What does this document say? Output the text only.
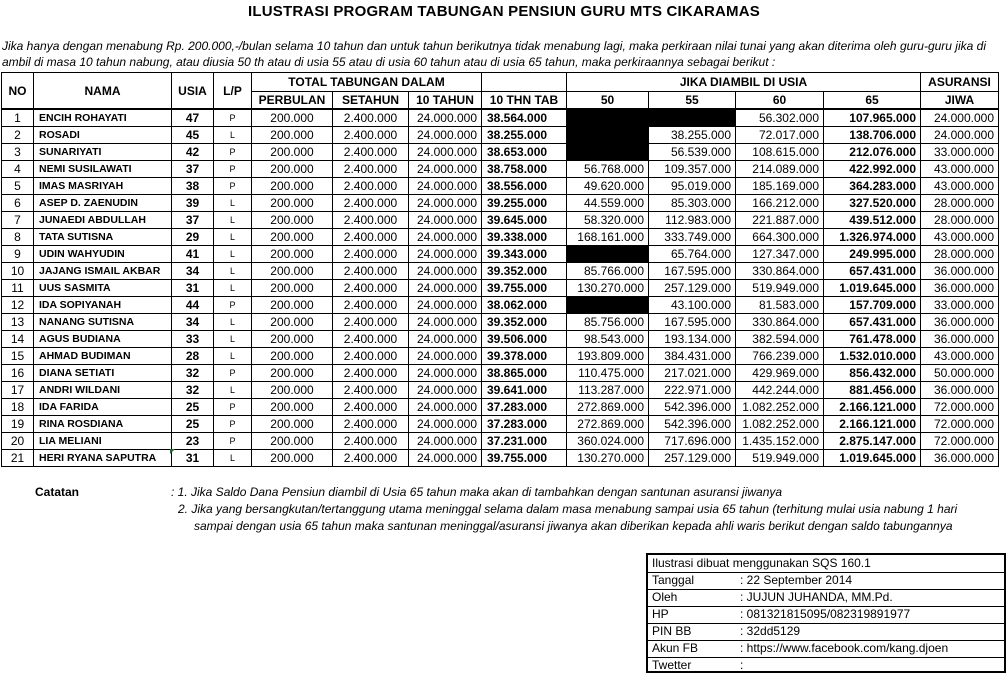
ILUSTRASI PROGRAM TABUNGAN PENSIUN GURU MTS CIKARAMAS
Jika hanya dengan menabung Rp. 200.000,-/bulan selama 10 tahun dan untuk tahun berikutnya tidak menabung lagi, maka perkiraan nilai tunai yang akan diterima oleh guru-guru jika di ambil di masa 10 tahun nabung, atau diusia 50 th atau di usia 55 atau di usia 60 tahun atau di usia 65 tahun, maka perkiraannya sebagai berikut :
NO	NAMA	USIA	L/P	TOTAL TABUNGAN DALAM				JIKA DIAMBIL DI USIA				ASURANSI
				PERBULAN	SETAHUN	10 TAHUN	10 THN TAB	50	55	60	65	JIWA
1	ENCIH ROHAYATI	47	P	200.000	2.400.000	24.000.000	38.564.000			56.302.000	107.965.000	24.000.000
2	ROSADI	45	L	200.000	2.400.000	24.000.000	38.255.000		38.255.000	72.017.000	138.706.000	24.000.000
3	SUNARIYATI	42	P	200.000	2.400.000	24.000.000	38.653.000		56.539.000	108.615.000	212.076.000	33.000.000
4	NEMI SUSILAWATI	37	P	200.000	2.400.000	24.000.000	38.758.000	56.768.000	109.357.000	214.089.000	422.992.000	43.000.000
5	IMAS MASRIYAH	38	P	200.000	2.400.000	24.000.000	38.556.000	49.620.000	95.019.000	185.169.000	364.283.000	43.000.000
6	ASEP D. ZAENUDIN	39	L	200.000	2.400.000	24.000.000	39.255.000	44.559.000	85.303.000	166.212.000	327.520.000	28.000.000
7	JUNAEDI ABDULLAH	37	L	200.000	2.400.000	24.000.000	39.645.000	58.320.000	112.983.000	221.887.000	439.512.000	28.000.000
8	TATA SUTISNA	29	L	200.000	2.400.000	24.000.000	39.338.000	168.161.000	333.749.000	664.300.000	1.326.974.000	43.000.000
9	UDIN WAHYUDIN	41	L	200.000	2.400.000	24.000.000	39.343.000		65.764.000	127.347.000	249.995.000	28.000.000
10	JAJANG ISMAIL AKBAR	34	L	200.000	2.400.000	24.000.000	39.352.000	85.766.000	167.595.000	330.864.000	657.431.000	36.000.000
11	UUS SASMITA	31	L	200.000	2.400.000	24.000.000	39.755.000	130.270.000	257.129.000	519.949.000	1.019.645.000	36.000.000
12	IDA SOPIYANAH	44	P	200.000	2.400.000	24.000.000	38.062.000		43.100.000	81.583.000	157.709.000	33.000.000
13	NANANG SUTISNA	34	L	200.000	2.400.000	24.000.000	39.352.000	85.756.000	167.595.000	330.864.000	657.431.000	36.000.000
14	AGUS BUDIANA	33	L	200.000	2.400.000	24.000.000	39.506.000	98.543.000	193.134.000	382.594.000	761.478.000	36.000.000
15	AHMAD BUDIMAN	28	L	200.000	2.400.000	24.000.000	39.378.000	193.809.000	384.431.000	766.239.000	1.532.010.000	43.000.000
16	DIANA SETIATI	32	P	200.000	2.400.000	24.000.000	38.865.000	110.475.000	217.021.000	429.969.000	856.432.000	50.000.000
17	ANDRI WILDANI	32	L	200.000	2.400.000	24.000.000	39.641.000	113.287.000	222.971.000	442.244.000	881.456.000	36.000.000
18	IDA FARIDA	25	P	200.000	2.400.000	24.000.000	37.283.000	272.869.000	542.396.000	1.082.252.000	2.166.121.000	72.000.000
19	RINA ROSDIANA	25	P	200.000	2.400.000	24.000.000	37.283.000	272.869.000	542.396.000	1.082.252.000	2.166.121.000	72.000.000
20	LIA MELIANI	23	P	200.000	2.400.000	24.000.000	37.231.000	360.024.000	717.696.000	1.435.152.000	2.875.147.000	72.000.000
21	HERI RYANA SAPUTRA	31	L	200.000	2.400.000	24.000.000	39.755.000	130.270.000	257.129.000	519.949.000	1.019.645.000	36.000.000
Catatan	: 1. Jika Saldo Dana Pensiun diambil di Usia 65 tahun maka akan di tambahkan dengan santunan asuransi jiwanya
2. Jika yang bersangkutan/tertanggung utama meninggal selama dalam masa menabung sampai usia 65 tahun (terhitung mulai usia nabung 1 hari
sampai dengan usia 65 tahun maka santunan meninggal/asuransi jiwanya akan diberikan kepada ahli waris berikut dengan saldo tabungannya
Ilustrasi dibuat menggunakan SQS 160.1
Tanggal	: 22 September 2014
Oleh	: JUJUN JUHANDA, MM.Pd.
HP	: 081321815095/082319891977
PIN BB	: 32dd5129
Akun FB	: https://www.facebook.com/kang.djoen
Twetter	:
